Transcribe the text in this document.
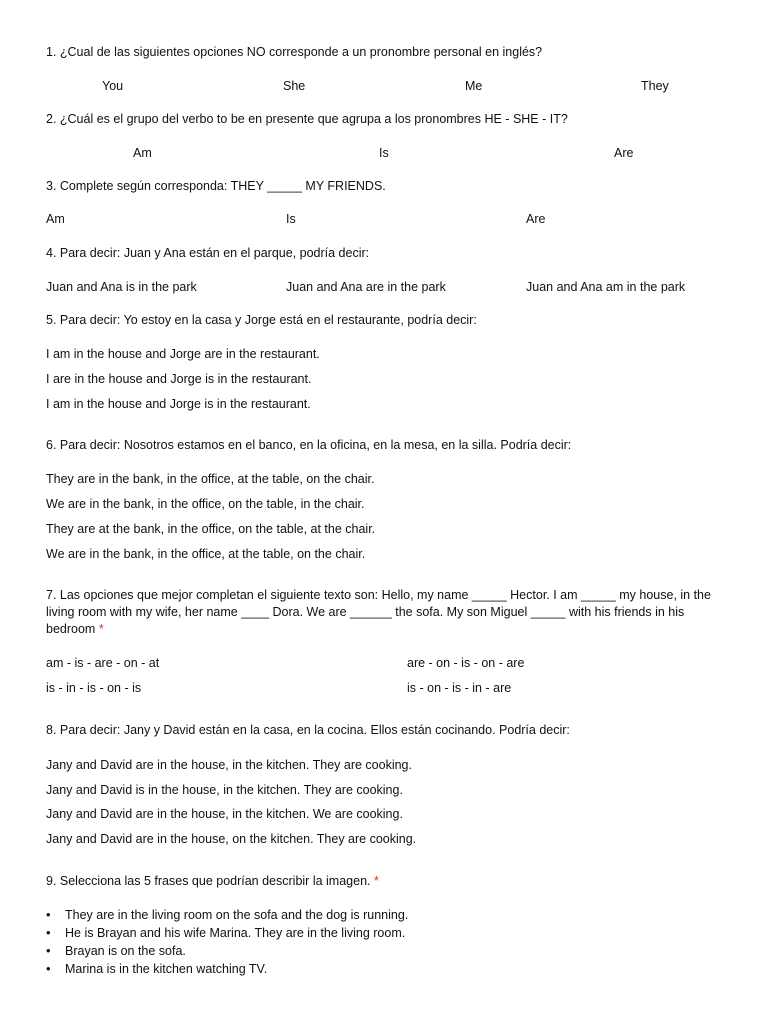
1. ¿Cual de las siguientes opciones NO corresponde a un pronombre personal en inglés?
You	She	Me	They
2. ¿Cuál es el grupo del verbo to be en presente que agrupa a los pronombres HE - SHE - IT?
Am	Is	Are
3. Complete según corresponda: THEY _____ MY FRIENDS.
Am	Is	Are
4. Para decir: Juan y Ana están en el parque, podría decir:
Juan and Ana is in the park	Juan and Ana are in the park	Juan and Ana am in the park
5. Para decir: Yo estoy en la casa y Jorge está en el restaurante, podría decir:
I am in the house and Jorge are in the restaurant.
I are in the house and Jorge is in the restaurant.
I am in the house and Jorge is in the restaurant.
6. Para decir: Nosotros estamos en el banco, en la oficina, en la mesa, en la silla. Podría decir:
They are in the bank, in the office, at the table, on the chair.
We are in the bank, in the office, on the table, in the chair.
They are at the bank, in the office, on the table, at the chair.
We are in the bank, in the office, at the table, on the chair.
7. Las opciones que mejor completan el siguiente texto son: Hello, my name _____ Hector. I am _____ my house, in the living room with my wife, her name ____ Dora. We are ______ the sofa. My son Miguel _____ with his friends in his bedroom *
am - is - are - on - at	are - on - is - on - are
is - in - is - on - is	is - on - is - in - are
8. Para decir: Jany y David están en la casa, en la cocina. Ellos están cocinando. Podría decir:
Jany and David are in the house, in the kitchen. They are cooking.
Jany and David is in the house, in the kitchen. They are cooking.
Jany and David are in the house, in the kitchen. We are cooking.
Jany and David are in the house, on the kitchen. They are cooking.
9. Selecciona las 5 frases que podrían describir la imagen. *
• They are in the living room on the sofa and the dog is running.
• He is Brayan and his wife Marina. They are in the living room.
• Brayan is on the sofa.
• Marina is in the kitchen watching TV.
